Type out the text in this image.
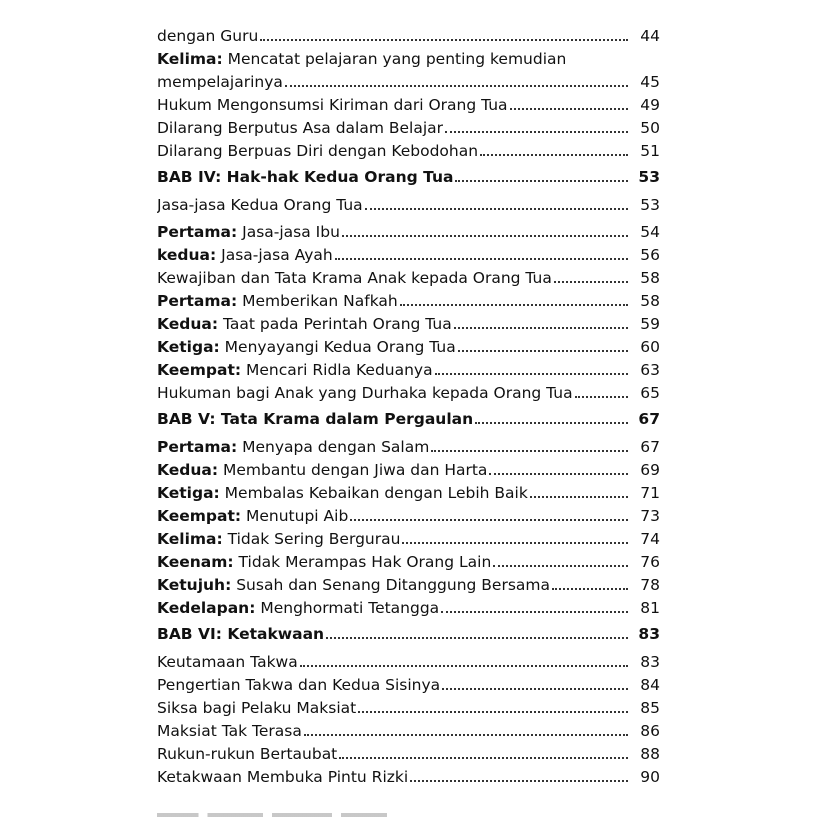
dengan Guru	44
Kelima: Mencatat pelajaran yang penting kemudian
mempelajarinya	45
Hukum Mengonsumsi Kiriman dari Orang Tua	49
Dilarang Berputus Asa dalam Belajar	50
Dilarang Berpuas Diri dengan Kebodohan	51
BAB IV: Hak-hak Kedua Orang Tua	53
Jasa-jasa Kedua Orang Tua	53
Pertama: Jasa-jasa Ibu	54
kedua: Jasa-jasa Ayah	56
Kewajiban dan Tata Krama Anak kepada Orang Tua	58
Pertama: Memberikan Nafkah	58
Kedua: Taat pada Perintah Orang Tua	59
Ketiga: Menyayangi Kedua Orang Tua	60
Keempat: Mencari Ridla Keduanya	63
Hukuman bagi Anak yang Durhaka kepada Orang Tua	65
BAB V: Tata Krama dalam Pergaulan	67
Pertama: Menyapa dengan Salam	67
Kedua: Membantu dengan Jiwa dan Harta	69
Ketiga: Membalas Kebaikan dengan Lebih Baik	71
Keempat: Menutupi Aib	73
Kelima: Tidak Sering Bergurau	74
Keenam: Tidak Merampas Hak Orang Lain	76
Ketujuh: Susah dan Senang Ditanggung Bersama	78
Kedelapan: Menghormati Tetangga	81
BAB VI: Ketakwaan	83
Keutamaan Takwa	83
Pengertian Takwa dan Kedua Sisinya	84
Siksa bagi Pelaku Maksiat	85
Maksiat Tak Terasa	86
Rukun-rukun Bertaubat	88
Ketakwaan Membuka Pintu Rizki	90
